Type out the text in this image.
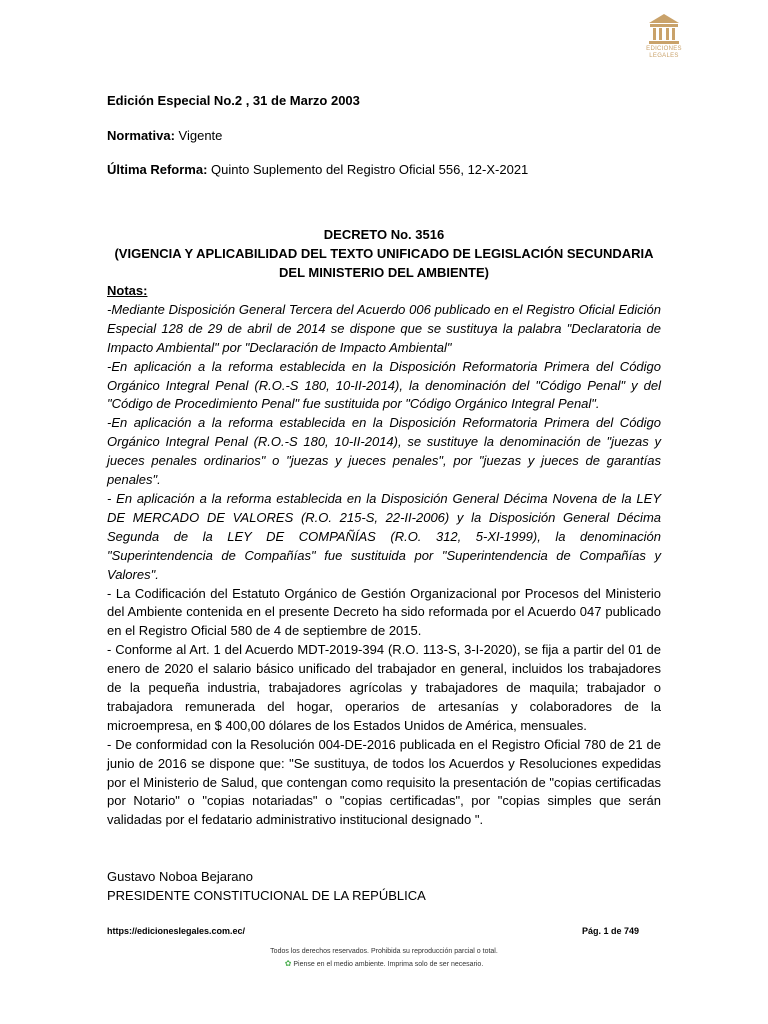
EDICIONES
LEGALES
Edición Especial No.2 , 31 de Marzo 2003
Normativa: Vigente
Última Reforma: Quinto Suplemento del Registro Oficial 556, 12-X-2021
DECRETO No. 3516
(VIGENCIA Y APLICABILIDAD DEL TEXTO UNIFICADO DE LEGISLACIÓN SECUNDARIA DEL MINISTERIO DEL AMBIENTE)
Notas:

-Mediante Disposición General Tercera del Acuerdo 006 publicado en el Registro Oficial Edición Especial 128 de 29 de abril de 2014 se dispone que se sustituya la palabra "Declaratoria de Impacto Ambiental" por "Declaración de Impacto Ambiental"

-En aplicación a la reforma establecida en la Disposición Reformatoria Primera del Código Orgánico Integral Penal (R.O.-S 180, 10-II-2014), la denominación del "Código Penal" y del "Código de Procedimiento Penal" fue sustituida por "Código Orgánico Integral Penal".

-En aplicación a la reforma establecida en la Disposición Reformatoria Primera del Código Orgánico Integral Penal (R.O.-S 180, 10-II-2014), se sustituye la denominación de "juezas y jueces penales ordinarios" o "juezas y jueces penales", por "juezas y jueces de garantías penales".

- En aplicación a la reforma establecida en la Disposición General Décima Novena de la LEY DE MERCADO DE VALORES (R.O. 215-S, 22-II-2006) y la Disposición General Décima Segunda de la LEY DE COMPAÑÍAS (R.O. 312, 5-XI-1999), la denominación "Superintendencia de Compañías" fue sustituida por "Superintendencia de Compañías y Valores".

- La Codificación del Estatuto Orgánico de Gestión Organizacional por Procesos del Ministerio del Ambiente contenida en el presente Decreto ha sido reformada por el Acuerdo 047 publicado en el Registro Oficial 580 de 4 de septiembre de 2015.

- Conforme al Art. 1 del Acuerdo MDT-2019-394 (R.O. 113-S, 3-I-2020), se fija a partir del 01 de enero de 2020 el salario básico unificado del trabajador en general, incluidos los trabajadores de la pequeña industria, trabajadores agrícolas y trabajadores de maquila; trabajador o trabajadora remunerada del hogar, operarios de artesanías y colaboradores de la microempresa, en $ 400,00 dólares de los Estados Unidos de América, mensuales.

- De conformidad con la Resolución 004-DE-2016 publicada en el Registro Oficial 780 de 21 de junio de 2016 se dispone que: "Se sustituya, de todos los Acuerdos y Resoluciones expedidas por el Ministerio de Salud, que contengan como requisito la presentación de "copias certificadas por Notario" o "copias notariadas" o "copias certificadas", por "copias simples que serán validadas por el fedatario administrativo institucional designado ".

Gustavo Noboa Bejarano
PRESIDENTE CONSTITUCIONAL DE LA REPÚBLICA
https://edicioneslegales.com.ec/	Pág. 1 de 749
Todos los derechos reservados. Prohibida su reproducción parcial o total.
✿ Piense en el medio ambiente. Imprima solo de ser necesario.
